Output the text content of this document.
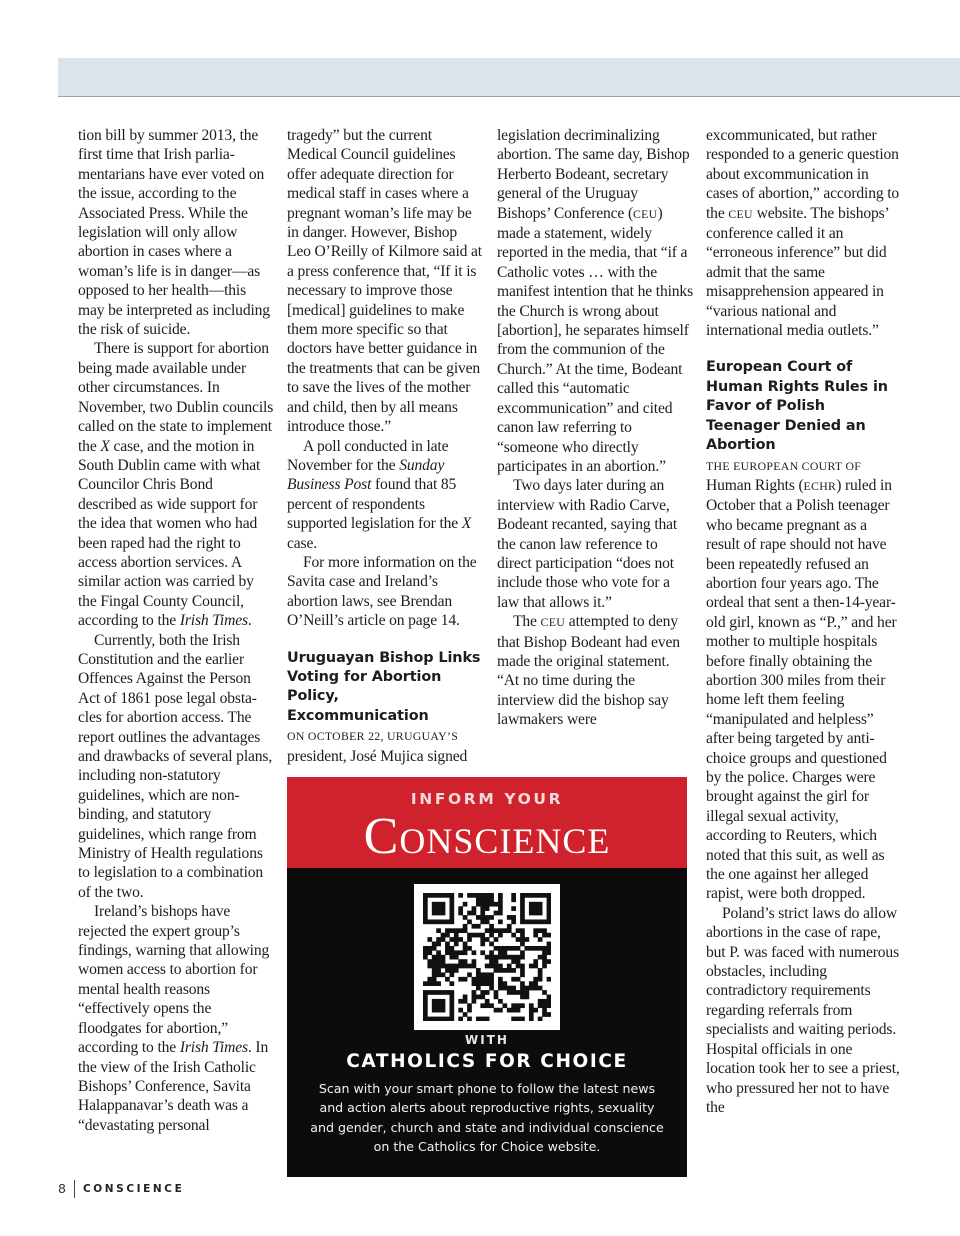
tion bill by summer 2013, the first time that Irish parliamentarians have ever voted on the issue, according to the Associated Press. While the legislation will only allow abortion in cases where a woman’s life is in danger—as opposed to her health—this may be interpreted as including the risk of suicide.

There is support for abortion being made available under other circumstances. In November, two Dublin councils called on the state to implement the X case, and the motion in South Dublin came with what Councilor Chris Bond described as wide support for the idea that women who had been raped had the right to access abortion services. A similar action was carried by the Fingal County Council, according to the Irish Times.

Currently, both the Irish Constitution and the earlier Offences Against the Person Act of 1861 pose legal obstacles for abortion access. The report outlines the advantages and drawbacks of several plans, including non-statutory guidelines, which are non-binding, and statutory guidelines, which range from Ministry of Health regulations to legislation to a combination of the two.

Ireland’s bishops have rejected the expert group’s findings, warning that allowing women access to abortion for mental health reasons “effectively opens the floodgates for abortion,” according to the Irish Times. In the view of the Irish Catholic Bishops’ Conference, Savita Halappanavar’s death was a “devastating personal

tragedy” but the current Medical Council guidelines offer adequate direction for medical staff in cases where a pregnant woman’s life may be in danger. However, Bishop Leo O’Reilly of Kilmore said at a press conference that, “If it is necessary to improve those [medical] guidelines to make them more specific so that doctors have better guidance in the treatments that can be given to save the lives of the mother and child, then by all means introduce those.”

A poll conducted in late November for the Sunday Business Post found that 85 percent of respondents supported legislation for the X case.

For more information on the Savita case and Ireland’s abortion laws, see Brendan O’Neill’s article on page 14.

Uruguayan Bishop Links Voting for Abortion Policy, Excommunication

ON OCTOBER 22, URUGUAY’S president, José Mujica signed

legislation decriminalizing abortion. The same day, Bishop Herberto Bodeant, secretary general of the Uruguay Bishops’ Conference (CEU) made a statement, widely reported in the media, that “if a Catholic votes … with the manifest intention that he thinks the Church is wrong about [abortion], he separates himself from the communion of the Church.” At the time, Bodeant called this “automatic excommunication” and cited canon law referring to “someone who directly participates in an abortion.”

Two days later during an interview with Radio Carve, Bodeant recanted, saying that the canon law reference to direct participation “does not include those who vote for a law that allows it.”

The CEU attempted to deny that Bishop Bodeant had even made the original statement. “At no time during the interview did the bishop say lawmakers were

excommunicated, but rather responded to a generic question about excommunication in cases of abortion,” according to the CEU website. The bishops’ conference called it an “erroneous inference” but did admit that the same misapprehension appeared in “various national and international media outlets.”

European Court of Human Rights Rules in Favor of Polish Teenager Denied an Abortion

THE EUROPEAN COURT OF Human Rights (ECHR) ruled in October that a Polish teenager who became pregnant as a result of rape should not have been repeatedly refused an abortion four years ago. The ordeal that sent a then-14-year-old girl, known as “P.,” and her mother to multiple hospitals before finally obtaining the abortion 300 miles from their home left them feeling “manipulated and helpless” after being targeted by anti-choice groups and questioned by the police. Charges were brought against the girl for illegal sexual activity, according to Reuters, which noted that this suit, as well as the one against her alleged rapist, were both dropped.

Poland’s strict laws do allow abortions in the case of rape, but P. was faced with numerous obstacles, including contradictory requirements regarding referrals from specialists and waiting periods. Hospital officials in one location took her to see a priest, who pressured her not to have the

INFORM YOUR
Conscience
WITH
CATHOLICS FOR CHOICE
Scan with your smart phone to follow the latest news and action alerts about reproductive rights, sexuality and gender, church and state and individual conscience on the Catholics for Choice website.
8	CONSCIENCE
